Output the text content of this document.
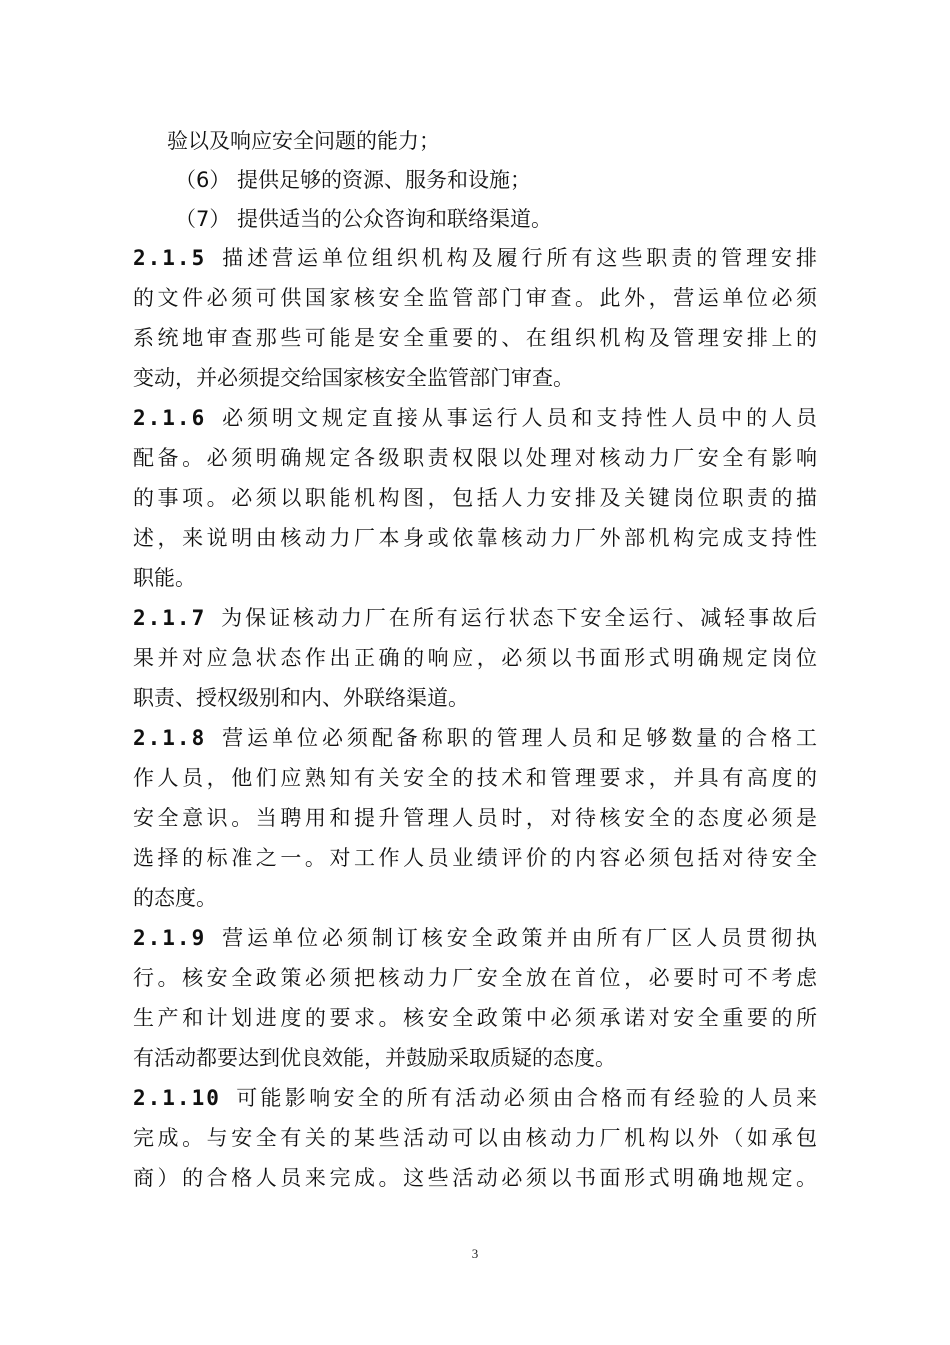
验以及响应安全问题的能力；
（6） 提供足够的资源、服务和设施；
（7） 提供适当的公众咨询和联络渠道。
2.1.5 描述营运单位组织机构及履行所有这些职责的管理安排
的文件必须可供国家核安全监管部门审查。此外，营运单位必须
系统地审查那些可能是安全重要的、在组织机构及管理安排上的
变动，并必须提交给国家核安全监管部门审查。
2.1.6 必须明文规定直接从事运行人员和支持性人员中的人员
配备。必须明确规定各级职责权限以处理对核动力厂安全有影响
的事项。必须以职能机构图，包括人力安排及关键岗位职责的描
述，来说明由核动力厂本身或依靠核动力厂外部机构完成支持性
职能。
2.1.7 为保证核动力厂在所有运行状态下安全运行、减轻事故后
果并对应急状态作出正确的响应，必须以书面形式明确规定岗位
职责、授权级别和内、外联络渠道。
2.1.8 营运单位必须配备称职的管理人员和足够数量的合格工
作人员，他们应熟知有关安全的技术和管理要求，并具有高度的
安全意识。当聘用和提升管理人员时，对待核安全的态度必须是
选择的标准之一。对工作人员业绩评价的内容必须包括对待安全
的态度。
2.1.9 营运单位必须制订核安全政策并由所有厂区人员贯彻执
行。核安全政策必须把核动力厂安全放在首位，必要时可不考虑
生产和计划进度的要求。核安全政策中必须承诺对安全重要的所
有活动都要达到优良效能，并鼓励采取质疑的态度。
2.1.10 可能影响安全的所有活动必须由合格而有经验的人员来
完成。与安全有关的某些活动可以由核动力厂机构以外（如承包
商）的合格人员来完成。这些活动必须以书面形式明确地规定。
3
